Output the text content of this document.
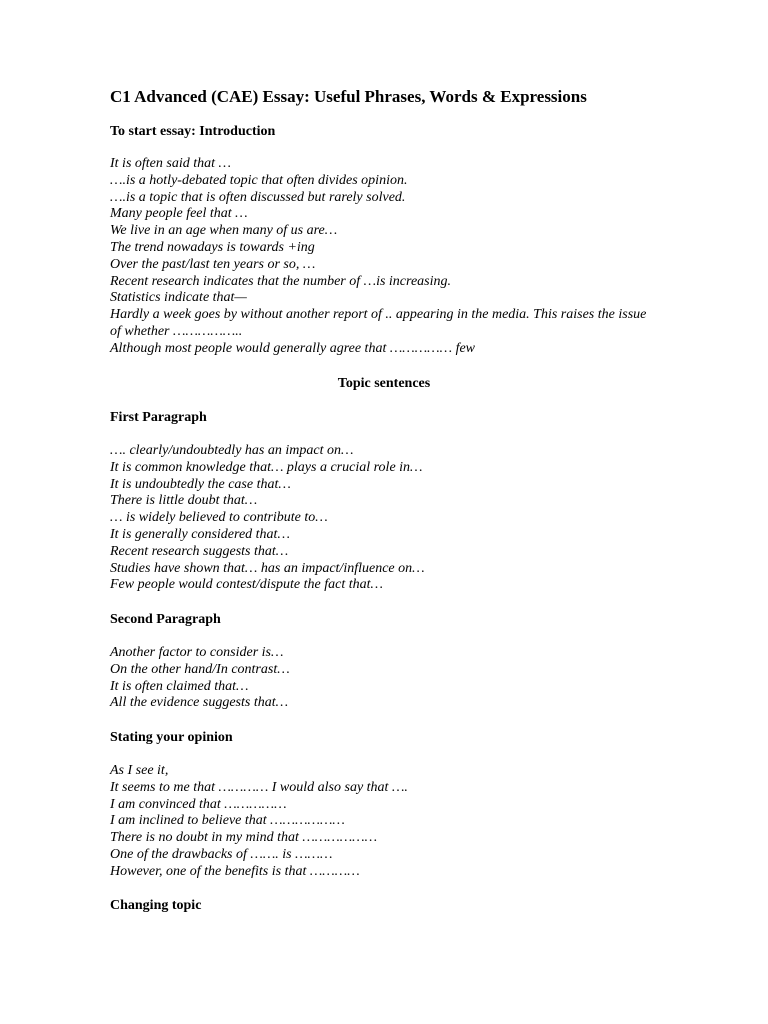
C1 Advanced (CAE) Essay: Useful Phrases, Words & Expressions
To start essay: Introduction
It is often said that …
….is a hotly-debated topic that often divides opinion.
….is a topic that is often discussed but rarely solved.
Many people feel that …
We live in an age when many of us are…
The trend nowadays is towards +ing
Over the past/last ten years or so, …
Recent research indicates that the number of …is increasing.
Statistics indicate that—
Hardly a week goes by without another report of .. appearing in the media. This raises the issue of whether ……………..
Although most people would generally agree that …………… few
Topic sentences
First Paragraph
…. clearly/undoubtedly has an impact on…
It is common knowledge that… plays a crucial role in…
It is undoubtedly the case that…
There is little doubt that…
… is widely believed to contribute to…
It is generally considered that…
Recent research suggests that…
Studies have shown that… has an impact/influence on…
Few people would contest/dispute the fact that…
Second Paragraph
Another factor to consider is…
On the other hand/In contrast…
It is often claimed that…
All the evidence suggests that…
Stating your opinion
As I see it,
It seems to me that ………… I would also say that ….
I am convinced that ……………
I am inclined to believe that ………………
There is no doubt in my mind that ………………
One of the drawbacks of ……. is ………
However, one of the benefits is that …………
Changing topic
